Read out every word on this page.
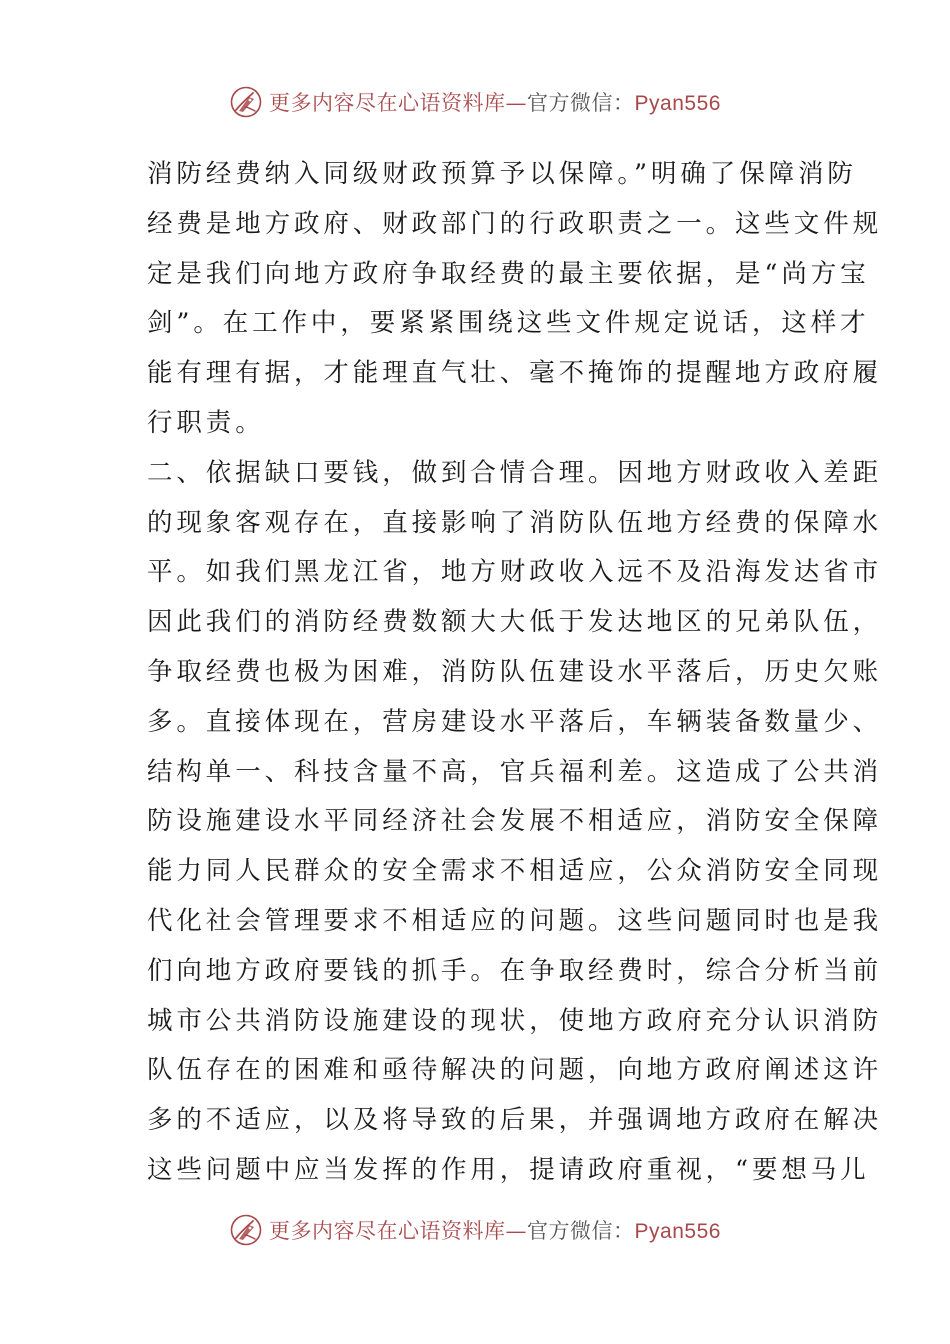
更多内容尽在心语资料库—官方微信：Pyan556
消防经费纳入同级财政预算予以保障。”明确了保障消防
经费是地方政府、财政部门的行政职责之一。这些文件规
定是我们向地方政府争取经费的最主要依据，是“尚方宝
剑”。在工作中，要紧紧围绕这些文件规定说话，这样才
能有理有据，才能理直气壮、毫不掩饰的提醒地方政府履
行职责。
二、依据缺口要钱，做到合情合理。因地方财政收入差距
的现象客观存在，直接影响了消防队伍地方经费的保障水
平。如我们黑龙江省，地方财政收入远不及沿海发达省市
因此我们的消防经费数额大大低于发达地区的兄弟队伍，
争取经费也极为困难，消防队伍建设水平落后，历史欠账
多。直接体现在，营房建设水平落后，车辆装备数量少、
结构单一、科技含量不高，官兵福利差。这造成了公共消
防设施建设水平同经济社会发展不相适应，消防安全保障
能力同人民群众的安全需求不相适应，公众消防安全同现
代化社会管理要求不相适应的问题。这些问题同时也是我
们向地方政府要钱的抓手。在争取经费时，综合分析当前
城市公共消防设施建设的现状，使地方政府充分认识消防
队伍存在的困难和亟待解决的问题，向地方政府阐述这许
多的不适应，以及将导致的后果，并强调地方政府在解决
这些问题中应当发挥的作用，提请政府重视，“要想马儿
更多内容尽在心语资料库—官方微信：Pyan556
